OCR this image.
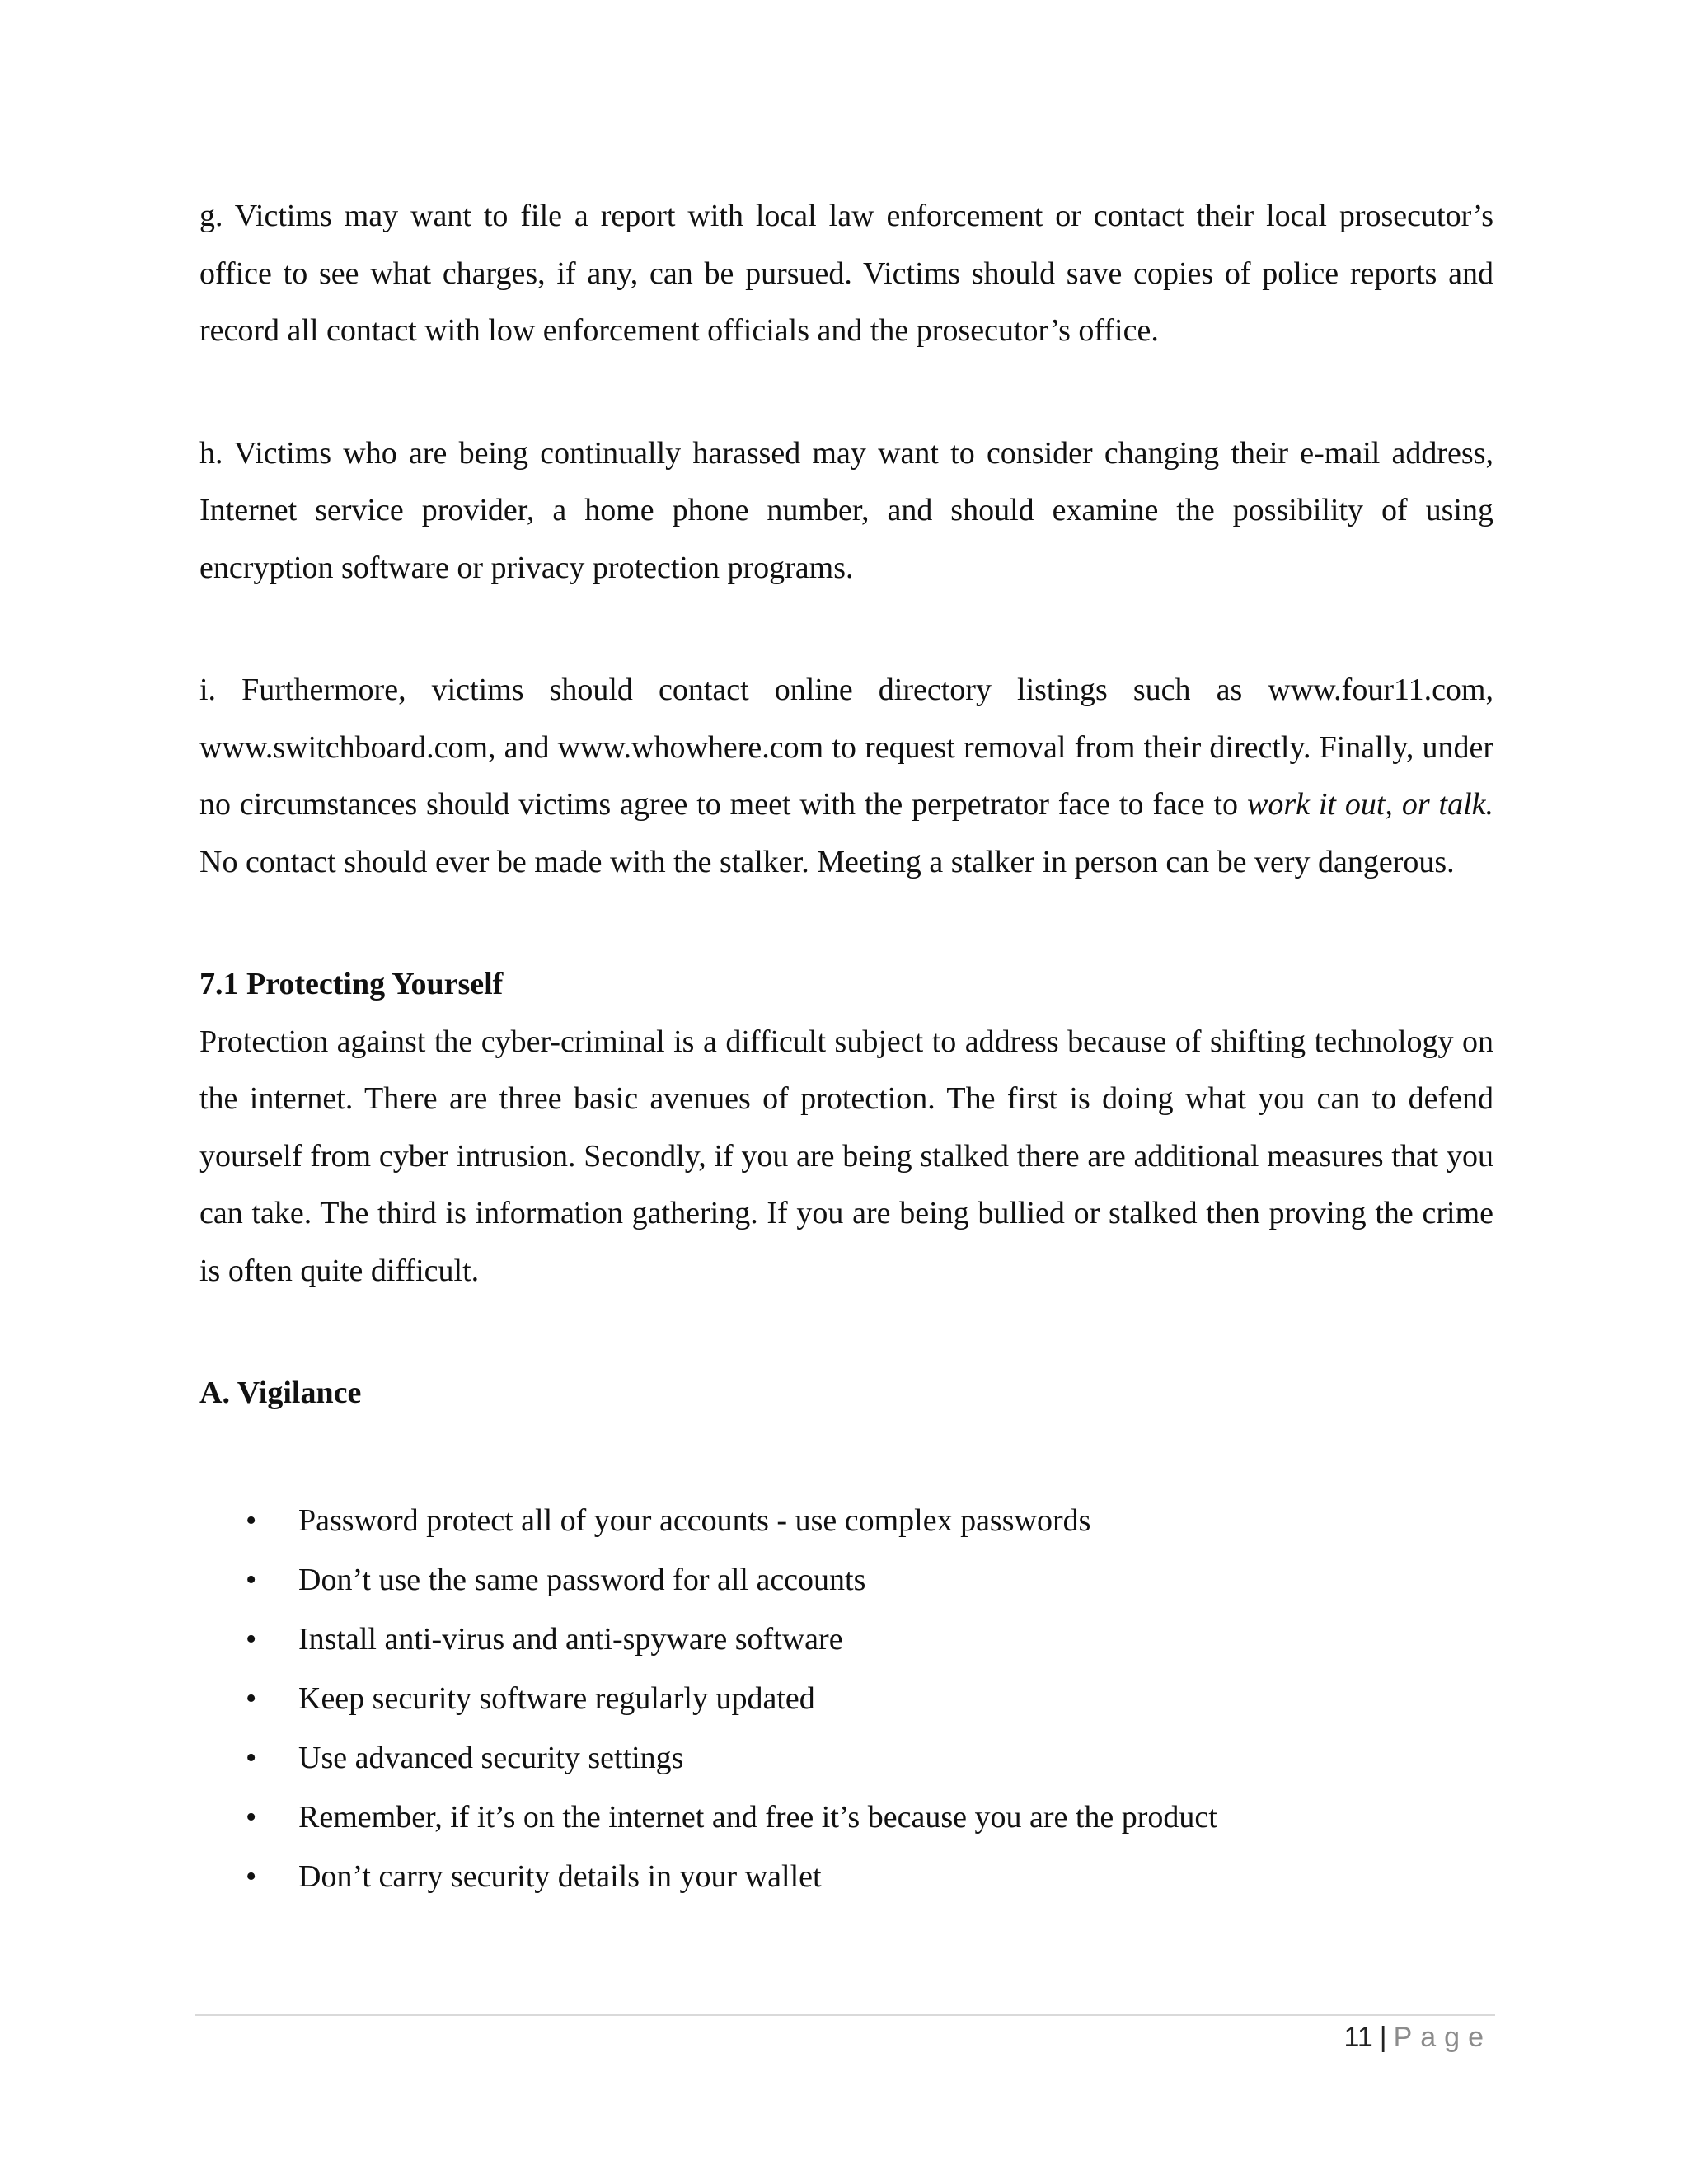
g. Victims may want to file a report with local law enforcement or contact their local prosecutor’s office to see what charges, if any, can be pursued. Victims should save copies of police reports and record all contact with low enforcement officials and the prosecutor’s office.

h. Victims who are being continually harassed may want to consider changing their e-mail address, Internet service provider, a home phone number, and should examine the possibility of using encryption software or privacy protection programs.

i. Furthermore, victims should contact online directory listings such as www.four11.com, www.switchboard.com, and www.whowhere.com to request removal from their directly. Finally, under no circumstances should victims agree to meet with the perpetrator face to face to work it out, or talk. No contact should ever be made with the stalker. Meeting a stalker in person can be very dangerous.

7.1 Protecting Yourself

Protection against the cyber-criminal is a difficult subject to address because of shifting technology on the internet. There are three basic avenues of protection. The first is doing what you can to defend yourself from cyber intrusion. Secondly, if you are being stalked there are additional measures that you can take. The third is information gathering. If you are being bullied or stalked then proving the crime is often quite difficult.

A. Vigilance
• Password protect all of your accounts - use complex passwords
• Don’t use the same password for all accounts
• Install anti-virus and anti-spyware software
• Keep security software regularly updated
• Use advanced security settings
• Remember, if it’s on the internet and free it’s because you are the product
• Don’t carry security details in your wallet
11 | Page
